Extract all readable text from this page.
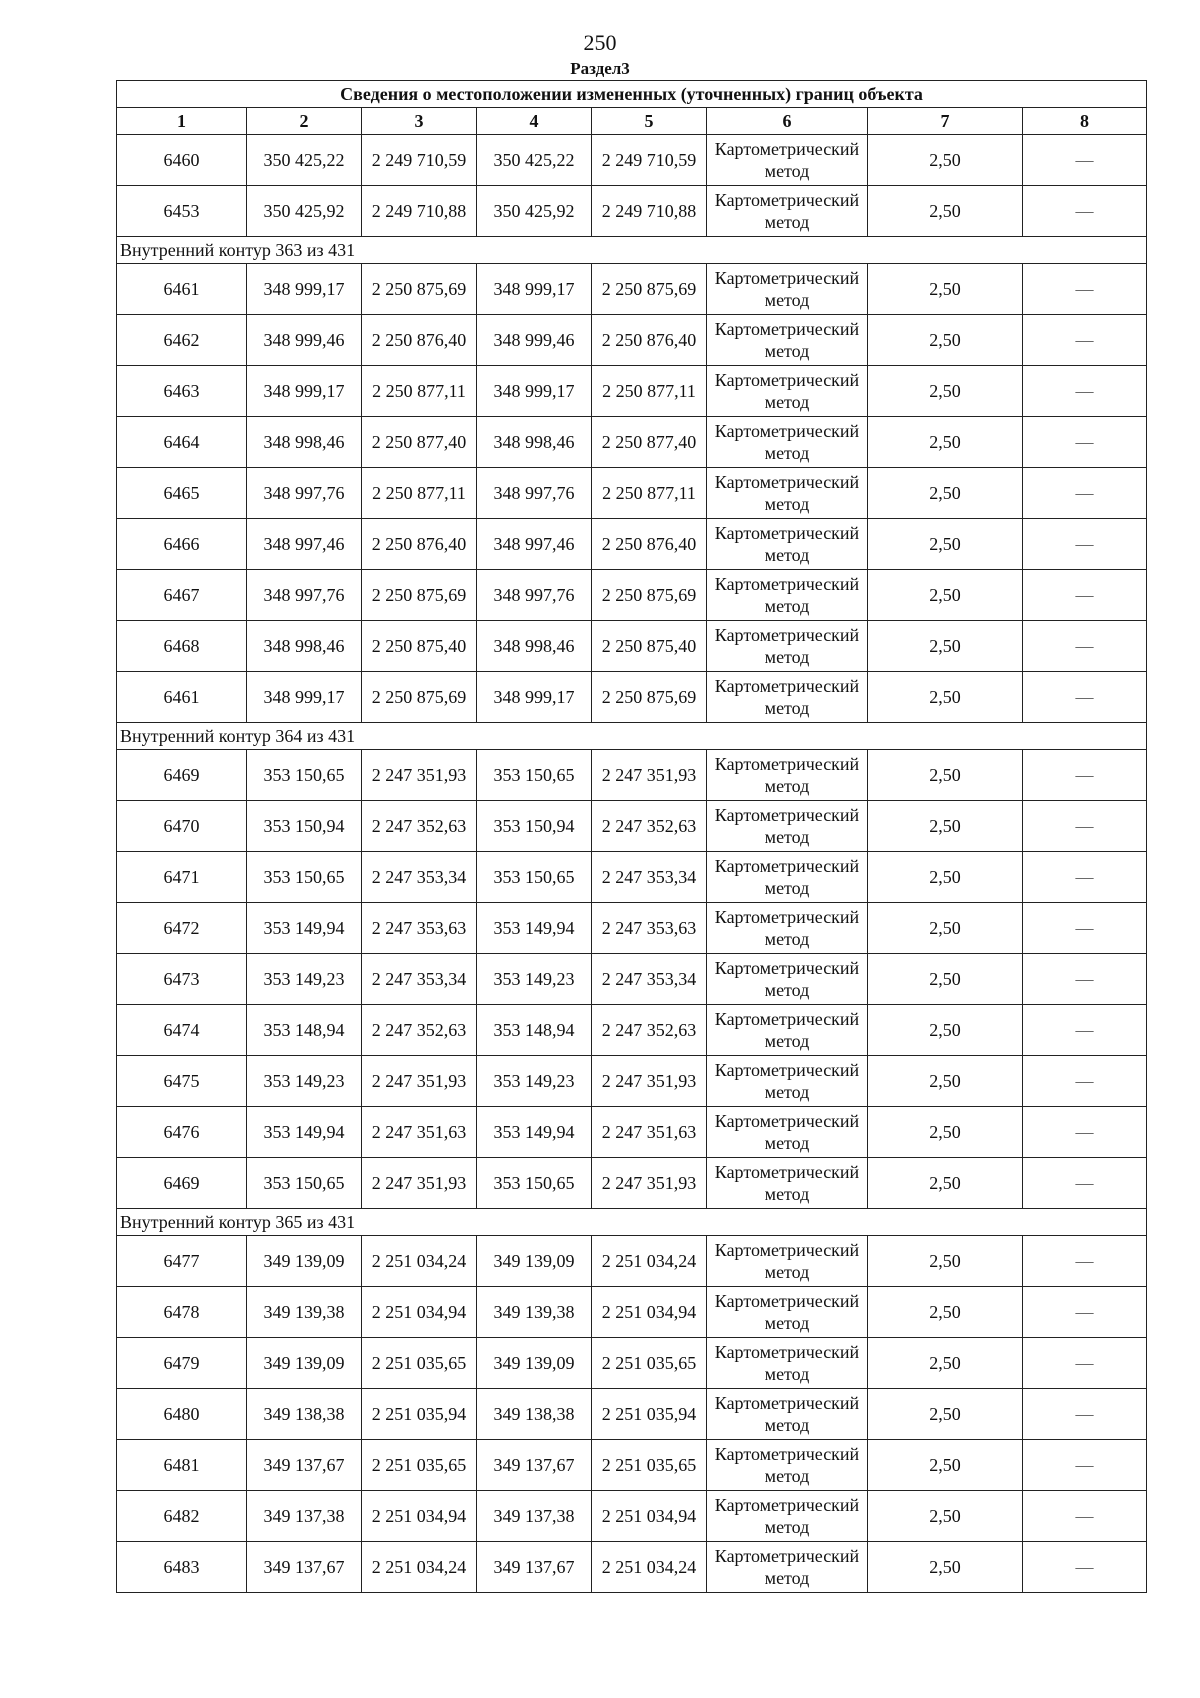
250
Раздел3
Сведения о местоположении измененных (уточненных) границ объекта							
1	2	3	4	5	6	7	8
6460	350 425,22	2 249 710,59	350 425,22	2 249 710,59	Картометрический метод	2,50	—
6453	350 425,92	2 249 710,88	350 425,92	2 249 710,88	Картометрический метод	2,50	—
Внутренний контур 363 из 431							
6461	348 999,17	2 250 875,69	348 999,17	2 250 875,69	Картометрический метод	2,50	—
6462	348 999,46	2 250 876,40	348 999,46	2 250 876,40	Картометрический метод	2,50	—
6463	348 999,17	2 250 877,11	348 999,17	2 250 877,11	Картометрический метод	2,50	—
6464	348 998,46	2 250 877,40	348 998,46	2 250 877,40	Картометрический метод	2,50	—
6465	348 997,76	2 250 877,11	348 997,76	2 250 877,11	Картометрический метод	2,50	—
6466	348 997,46	2 250 876,40	348 997,46	2 250 876,40	Картометрический метод	2,50	—
6467	348 997,76	2 250 875,69	348 997,76	2 250 875,69	Картометрический метод	2,50	—
6468	348 998,46	2 250 875,40	348 998,46	2 250 875,40	Картометрический метод	2,50	—
6461	348 999,17	2 250 875,69	348 999,17	2 250 875,69	Картометрический метод	2,50	—
Внутренний контур 364 из 431							
6469	353 150,65	2 247 351,93	353 150,65	2 247 351,93	Картометрический метод	2,50	—
6470	353 150,94	2 247 352,63	353 150,94	2 247 352,63	Картометрический метод	2,50	—
6471	353 150,65	2 247 353,34	353 150,65	2 247 353,34	Картометрический метод	2,50	—
6472	353 149,94	2 247 353,63	353 149,94	2 247 353,63	Картометрический метод	2,50	—
6473	353 149,23	2 247 353,34	353 149,23	2 247 353,34	Картометрический метод	2,50	—
6474	353 148,94	2 247 352,63	353 148,94	2 247 352,63	Картометрический метод	2,50	—
6475	353 149,23	2 247 351,93	353 149,23	2 247 351,93	Картометрический метод	2,50	—
6476	353 149,94	2 247 351,63	353 149,94	2 247 351,63	Картометрический метод	2,50	—
6469	353 150,65	2 247 351,93	353 150,65	2 247 351,93	Картометрический метод	2,50	—
Внутренний контур 365 из 431							
6477	349 139,09	2 251 034,24	349 139,09	2 251 034,24	Картометрический метод	2,50	—
6478	349 139,38	2 251 034,94	349 139,38	2 251 034,94	Картометрический метод	2,50	—
6479	349 139,09	2 251 035,65	349 139,09	2 251 035,65	Картометрический метод	2,50	—
6480	349 138,38	2 251 035,94	349 138,38	2 251 035,94	Картометрический метод	2,50	—
6481	349 137,67	2 251 035,65	349 137,67	2 251 035,65	Картометрический метод	2,50	—
6482	349 137,38	2 251 034,94	349 137,38	2 251 034,94	Картометрический метод	2,50	—
6483	349 137,67	2 251 034,24	349 137,67	2 251 034,24	Картометрический метод	2,50	—
